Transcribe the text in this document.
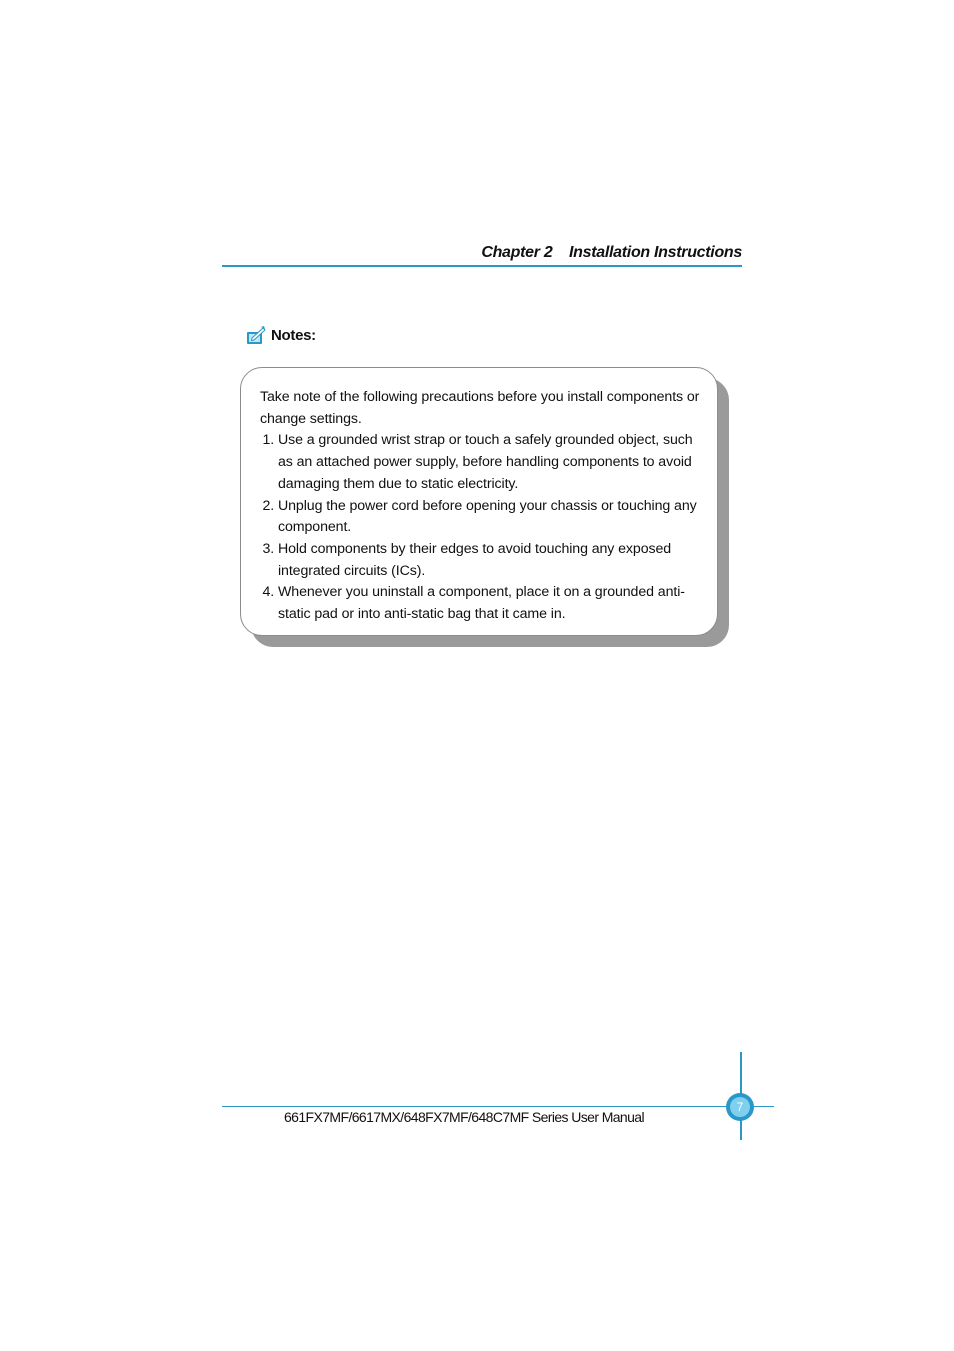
Chapter 2 Installation Instructions
Notes:

Take note of the following precautions before you install components or change settings.

1. Use a grounded wrist strap or touch a safely grounded object, such as an attached power supply, before handling components to avoid damaging them due to static electricity.
2. Unplug the power cord before opening your chassis or touching any component.
3. Hold components by their edges to avoid touching any exposed integrated circuits (ICs).
4. Whenever you uninstall a component, place it on a grounded anti-static pad or into anti-static bag that it came in.
7
661FX7MF/6617MX/648FX7MF/648C7MF Series User Manual
